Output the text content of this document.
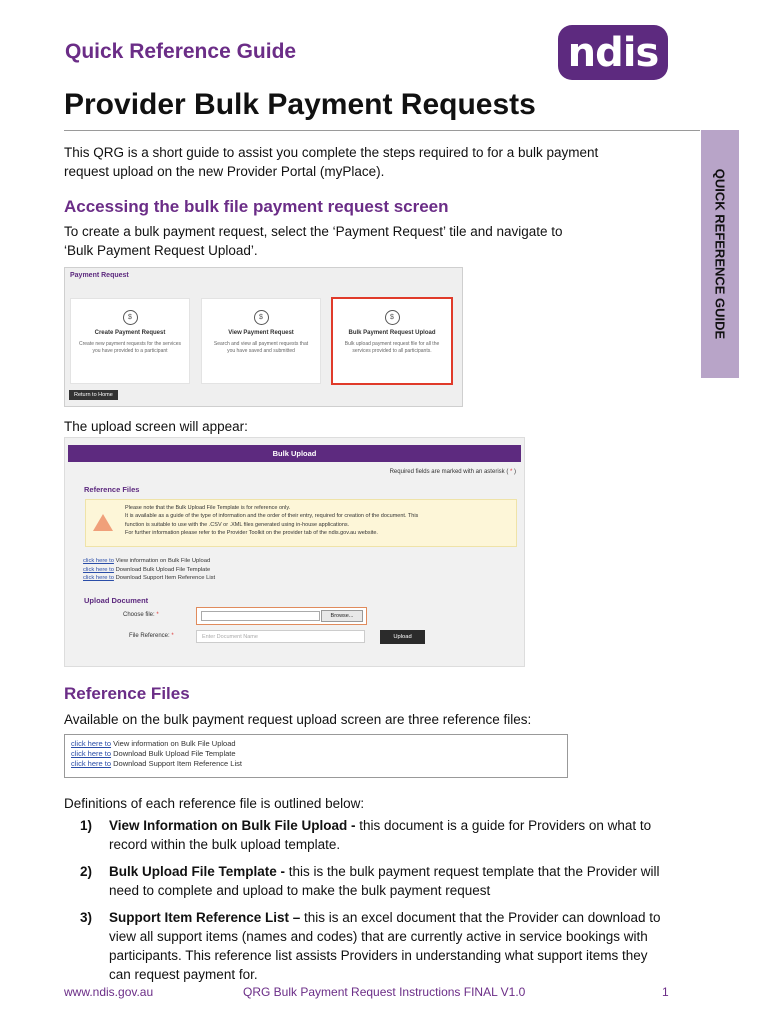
Quick Reference Guide	ndis
Provider Bulk Payment Requests
QUICK REFERENCE GUIDE
This QRG is a short guide to assist you complete the steps required to for a bulk payment
request upload on the new Provider Portal (myPlace).
Accessing the bulk file payment request screen
To create a bulk payment request, select the ‘Payment Request’ tile and navigate to
‘Bulk Payment Request Upload’.
Payment Request
$
Create Payment Request
Create new payment requests for the services you have provided to a participant
$
View Payment Request
Search and view all payment requests that you have saved and submitted
$
Bulk Payment Request Upload
Bulk upload payment request file for all the services provided to all participants.
Return to Home
The upload screen will appear:
Bulk Upload
Required fields are marked with an asterisk ( * )
Reference Files
Please note that the Bulk Upload File Template is for reference only.
It is available as a guide of the type of information and the order of their entry, required for creation of the document. This
function is suitable to use with the .CSV or .XML files generated using in-house applications.
For further information please refer to the Provider Toolkit on the provider tab of the ndis.gov.au website.
click here to View information on Bulk File Upload
click here to Download Bulk Upload File Template
click here to Download Support Item Reference List
Upload Document
Choose file: *	Browse...
File Reference: *	Enter Document Name	Upload
Reference Files
Available on the bulk payment request upload screen are three reference files:
click here to View information on Bulk File Upload
click here to Download Bulk Upload File Template
click here to Download Support Item Reference List
Definitions of each reference file is outlined below:
1)	View Information on Bulk File Upload - this document is a guide for Providers on what to record within the bulk upload template.
2)	Bulk Upload File Template - this is the bulk payment request template that the Provider will need to complete and upload to make the bulk payment request
3)	Support Item Reference List – this is an excel document that the Provider can download to view all support items (names and codes) that are currently active in service bookings with participants. This reference list assists Providers in understanding what support items they can request payment for.
www.ndis.gov.au	QRG Bulk Payment Request Instructions FINAL V1.0	1
